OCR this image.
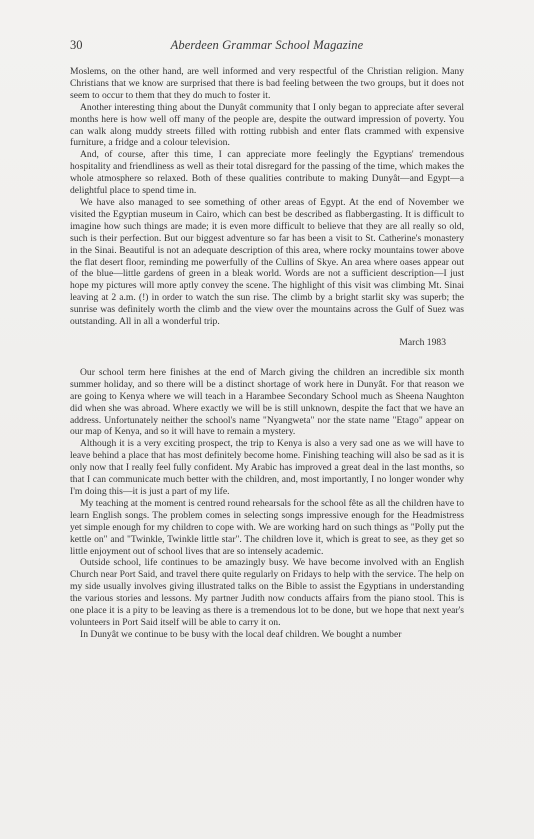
30	Aberdeen Grammar School Magazine

Moslems, on the other hand, are well informed and very respectful of the Christian religion. Many Christians that we know are surprised that there is bad feeling between the two groups, but it does not seem to occur to them that they do much to foster it.

Another interesting thing about the Dunyât community that I only began to appreciate after several months here is how well off many of the people are, despite the outward impression of poverty. You can walk along muddy streets filled with rotting rubbish and enter flats crammed with expensive furniture, a fridge and a colour television.

And, of course, after this time, I can appreciate more feelingly the Egyptians' tremendous hospitality and friendliness as well as their total disregard for the passing of the time, which makes the whole atmosphere so relaxed. Both of these qualities contribute to making Dunyât—and Egypt—a delightful place to spend time in.

We have also managed to see something of other areas of Egypt. At the end of November we visited the Egyptian museum in Cairo, which can best be described as flabbergasting. It is difficult to imagine how such things are made; it is even more difficult to believe that they are all really so old, such is their perfection. But our biggest adventure so far has been a visit to St. Catherine's monastery in the Sinai. Beautiful is not an adequate description of this area, where rocky mountains tower above the flat desert floor, reminding me powerfully of the Cullins of Skye. An area where oases appear out of the blue—little gardens of green in a bleak world. Words are not a sufficient description—I just hope my pictures will more aptly convey the scene. The highlight of this visit was climbing Mt. Sinai leaving at 2 a.m. (!) in order to watch the sun rise. The climb by a bright starlit sky was superb; the sunrise was definitely worth the climb and the view over the mountains across the Gulf of Suez was outstanding. All in all a wonderful trip.

March 1983

Our school term here finishes at the end of March giving the children an incredible six month summer holiday, and so there will be a distinct shortage of work here in Dunyât. For that reason we are going to Kenya where we will teach in a Harambee Secondary School much as Sheena Naughton did when she was abroad. Where exactly we will be is still unknown, despite the fact that we have an address. Unfortunately neither the school's name "Nyangweta" nor the state name "Etago" appear on our map of Kenya, and so it will have to remain a mystery.

Although it is a very exciting prospect, the trip to Kenya is also a very sad one as we will have to leave behind a place that has most definitely become home. Finishing teaching will also be sad as it is only now that I really feel fully confident. My Arabic has improved a great deal in the last months, so that I can communicate much better with the children, and, most importantly, I no longer wonder why I'm doing this—it is just a part of my life.

My teaching at the moment is centred round rehearsals for the school fête as all the children have to learn English songs. The problem comes in selecting songs impressive enough for the Headmistress yet simple enough for my children to cope with. We are working hard on such things as "Polly put the kettle on" and "Twinkle, Twinkle little star". The children love it, which is great to see, as they get so little enjoyment out of school lives that are so intensely academic.

Outside school, life continues to be amazingly busy. We have become involved with an English Church near Port Said, and travel there quite regularly on Fridays to help with the service. The help on my side usually involves giving illustrated talks on the Bible to assist the Egyptians in understanding the various stories and lessons. My partner Judith now conducts affairs from the piano stool. This is one place it is a pity to be leaving as there is a tremendous lot to be done, but we hope that next year's volunteers in Port Said itself will be able to carry it on.

In Dunyât we continue to be busy with the local deaf children. We bought a number
